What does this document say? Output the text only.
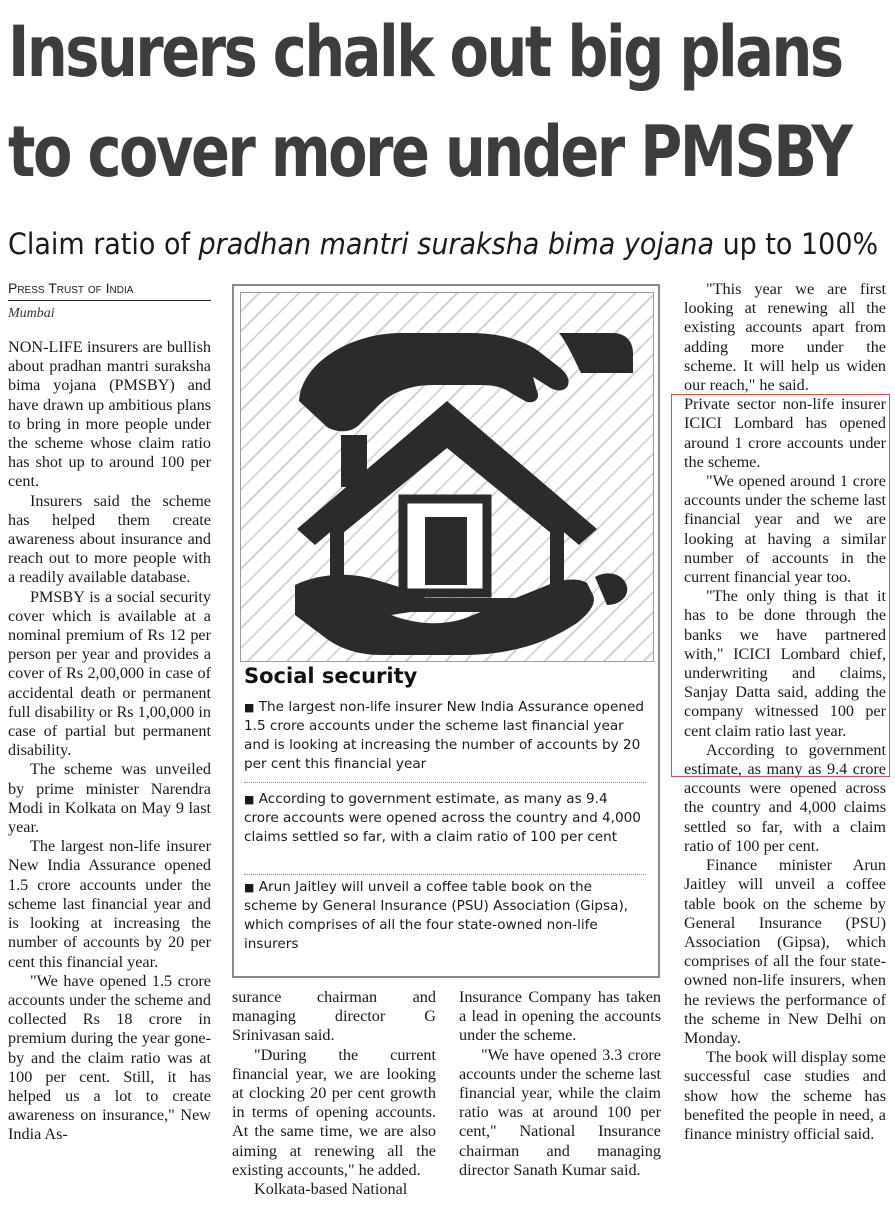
Insurers chalk out big plans
to cover more under PMSBY
Claim ratio of pradhan mantri suraksha bima yojana up to 100%
Press Trust of India
Mumbai

NON-LIFE insurers are bullish about pradhan mantri suraksha bima yojana (PMSBY) and have drawn up ambitious plans to bring in more people under the scheme whose claim ratio has shot up to around 100 per cent.

Insurers said the scheme has helped them create awareness about insurance and reach out to more people with a readily available database.

PMSBY is a social security cover which is available at a nominal premium of Rs 12 per person per year and provides a cover of Rs 2,00,000 in case of accidental death or permanent full disability or Rs 1,00,000 in case of partial but permanent disability.

The scheme was unveiled by prime minister Narendra Modi in Kolkata on May 9 last year.

The largest non-life insurer New India Assurance opened 1.5 crore accounts under the scheme last financial year and is looking at increasing the number of accounts by 20 per cent this financial year.

"We have opened 1.5 crore accounts under the scheme and collected Rs 18 crore in premium during the year gone-by and the claim ratio was at 100 per cent. Still, it has helped us a lot to create awareness on insurance," New India As-

Social security
■ The largest non-life insurer New India Assurance opened 1.5 crore accounts under the scheme last financial year and is looking at increasing the number of accounts by 20 per cent this financial year
■ According to government estimate, as many as 9.4 crore accounts were opened across the country and 4,000 claims settled so far, with a claim ratio of 100 per cent
■ Arun Jaitley will unveil a coffee table book on the scheme by General Insurance (PSU) Association (Gipsa), which comprises of all the four state-owned non-life insurers

surance chairman and managing director G Srinivasan said.

"During the current financial year, we are looking at clocking 20 per cent growth in terms of opening accounts. At the same time, we are also aiming at renewing all the existing accounts," he added.

Kolkata-based National

Insurance Company has taken a lead in opening the accounts under the scheme.

"We have opened 3.3 crore accounts under the scheme last financial year, while the claim ratio was at around 100 per cent," National Insurance chairman and managing director Sanath Kumar said.

"This year we are first looking at renewing all the existing accounts apart from adding more under the scheme. It will help us widen our reach," he said.

Private sector non-life insurer ICICI Lombard has opened around 1 crore accounts under the scheme.

"We opened around 1 crore accounts under the scheme last financial year and we are looking at having a similar number of accounts in the current financial year too.

"The only thing is that it has to be done through the banks we have partnered with," ICICI Lombard chief, underwriting and claims, Sanjay Datta said, adding the company witnessed 100 per cent claim ratio last year.

According to government estimate, as many as 9.4 crore accounts were opened across the country and 4,000 claims settled so far, with a claim ratio of 100 per cent.

Finance minister Arun Jaitley will unveil a coffee table book on the scheme by General Insurance (PSU) Association (Gipsa), which comprises of all the four state-owned non-life insurers, when he reviews the performance of the scheme in New Delhi on Monday.

The book will display some successful case studies and show how the scheme has benefited the people in need, a finance ministry official said.
